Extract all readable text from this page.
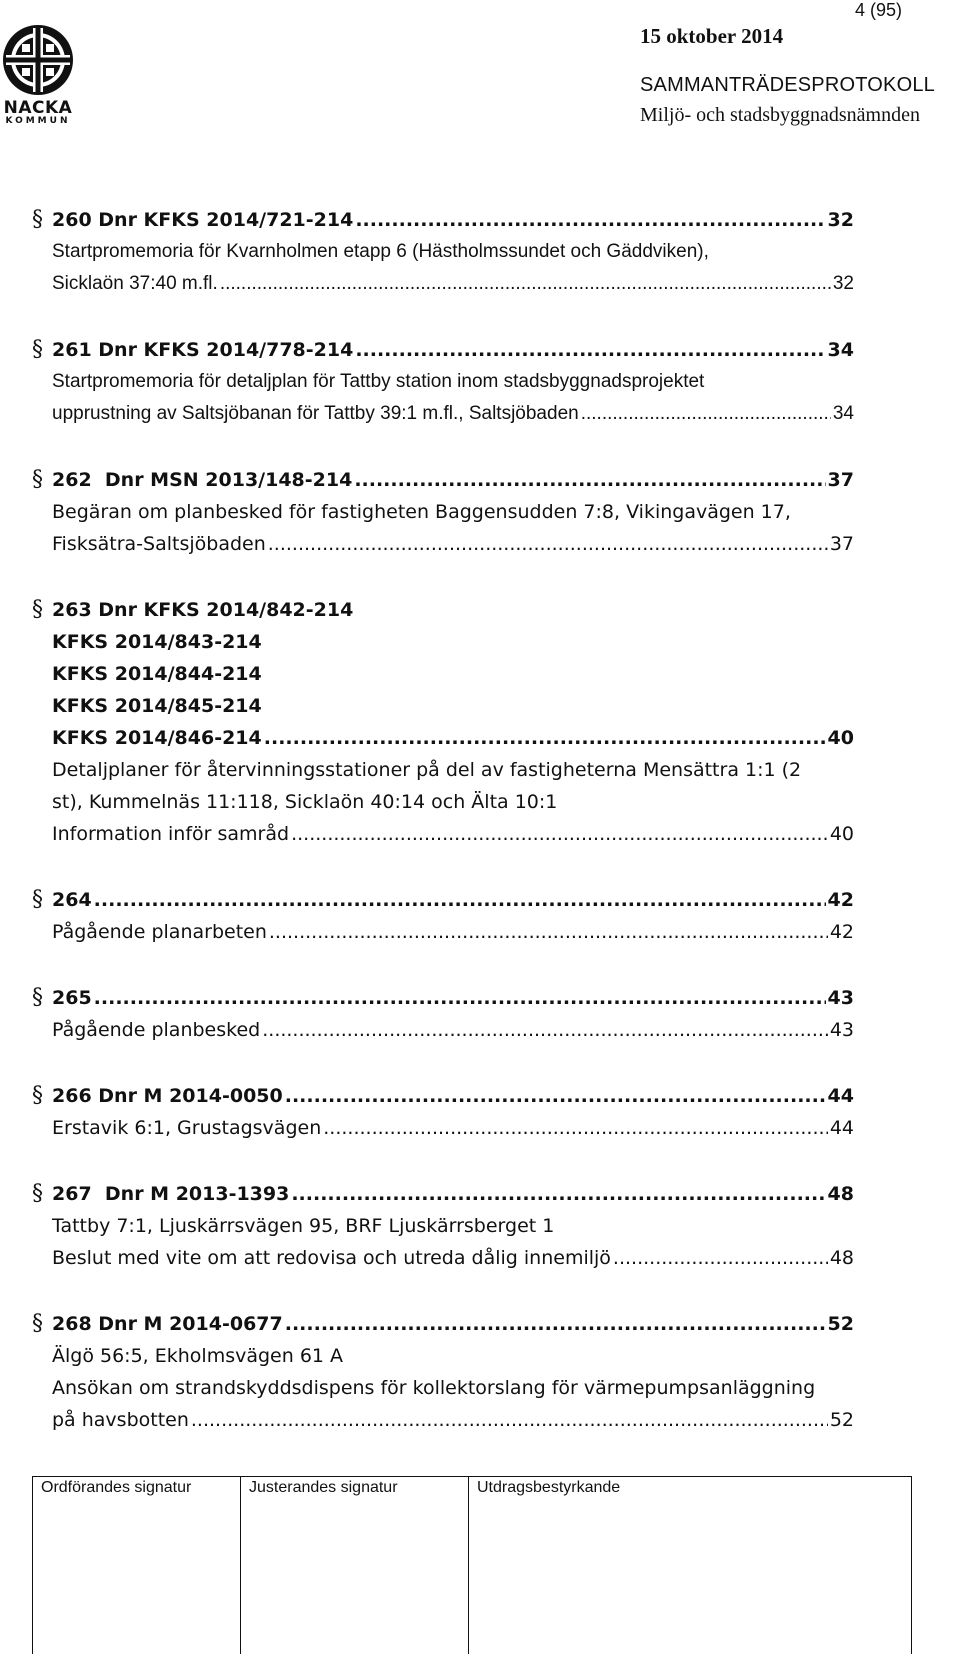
NACKA
KOMMUN
4 (95)
15 oktober 2014
SAMMANTRÄDESPROTOKOLL
Miljö- och stadsbyggnadsnämnden
§ 260 Dnr KFKS 2014/721-214 .....	32
Startpromemoria för Kvarnholmen etapp 6 (Hästholmssundet och Gäddviken),
Sicklaön 37:40 m.fl. .....	32
§ 261 Dnr KFKS 2014/778-214 .....	34
Startpromemoria för detaljplan för Tattby station inom stadsbyggnadsprojektet
upprustning av Saltsjöbanan för Tattby 39:1 m.fl., Saltsjöbaden .....	34
§ 262  Dnr MSN 2013/148-214 .....	37
Begäran om planbesked för fastigheten Baggensudden 7:8, Vikingavägen 17,
Fisksätra-Saltsjöbaden .....	37
§ 263 Dnr KFKS 2014/842-214
KFKS 2014/843-214
KFKS 2014/844-214
KFKS 2014/845-214
KFKS 2014/846-214 .....	40
Detaljplaner för återvinningsstationer på del av fastigheterna Mensättra 1:1 (2
st), Kummelnäs 11:118, Sicklaön 40:14 och Älta 10:1
Information inför samråd .....	40
§ 264 .....	42
Pågående planarbeten .....	42
§ 265 .....	43
Pågående planbesked .....	43
§ 266 Dnr M 2014-0050 .....	44
Erstavik 6:1, Grustagsvägen .....	44
§ 267  Dnr M 2013-1393 .....	48
Tattby 7:1, Ljuskärrsvägen 95, BRF Ljuskärrsberget 1
Beslut med vite om att redovisa och utreda dålig innemiljö .....	48
§ 268 Dnr M 2014-0677 .....	52
Älgö 56:5, Ekholmsvägen 61 A
Ansökan om strandskyddsdispens för kollektorslang för värmepumpsanläggning
på havsbotten .....	52
Ordförandes signatur	Justerandes signatur	Utdragsbestyrkande
